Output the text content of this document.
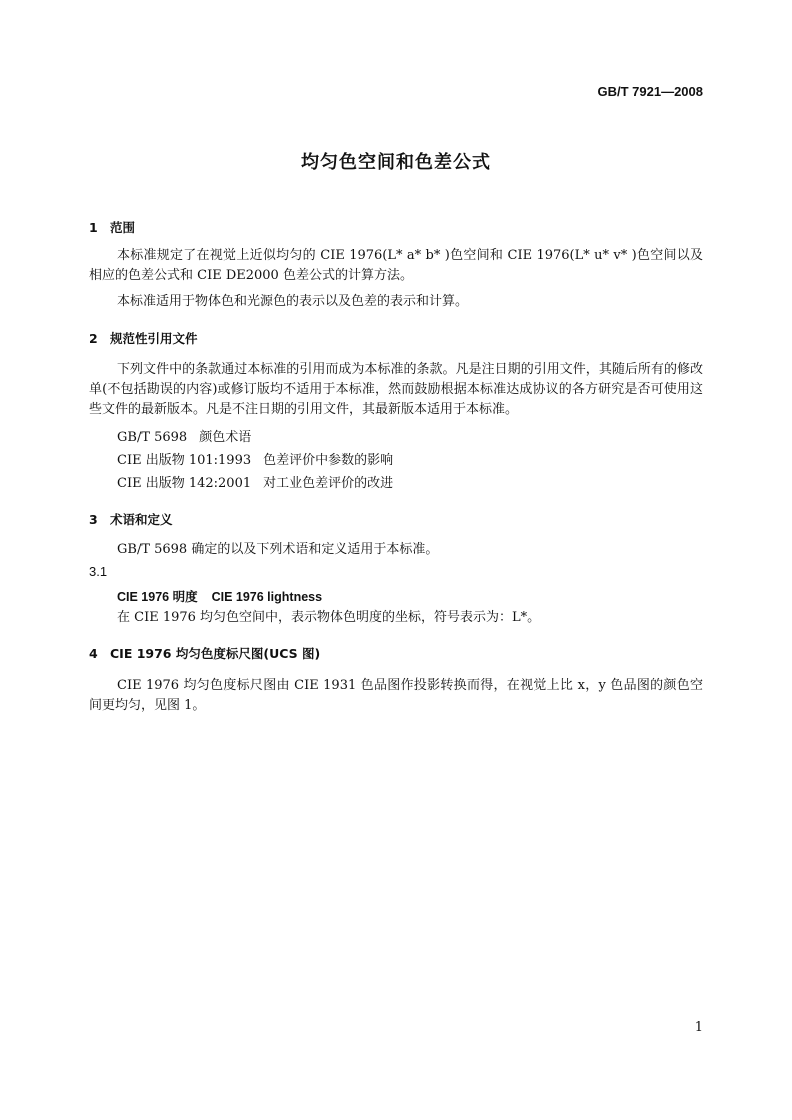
GB/T 7921—2008
均匀色空间和色差公式
1 范围
本标准规定了在视觉上近似均匀的 CIE 1976(L* a* b* )色空间和 CIE 1976(L* u* v* )色空间以及相应的色差公式和 CIE DE2000 色差公式的计算方法。
本标准适用于物体色和光源色的表示以及色差的表示和计算。
2 规范性引用文件
下列文件中的条款通过本标准的引用而成为本标准的条款。凡是注日期的引用文件，其随后所有的修改单(不包括勘误的内容)或修订版均不适用于本标准，然而鼓励根据本标准达成协议的各方研究是否可使用这些文件的最新版本。凡是不注日期的引用文件，其最新版本适用于本标准。
GB/T 5698 颜色术语
CIE 出版物 101:1993 色差评价中参数的影响
CIE 出版物 142:2001 对工业色差评价的改进
3 术语和定义
GB/T 5698 确定的以及下列术语和定义适用于本标准。
3.1
CIE 1976 明度 CIE 1976 lightness
在 CIE 1976 均匀色空间中，表示物体色明度的坐标，符号表示为：L*。
4 CIE 1976 均匀色度标尺图(UCS 图)
CIE 1976 均匀色度标尺图由 CIE 1931 色品图作投影转换而得，在视觉上比 x，y 色品图的颜色空间更均匀，见图 1。
1
